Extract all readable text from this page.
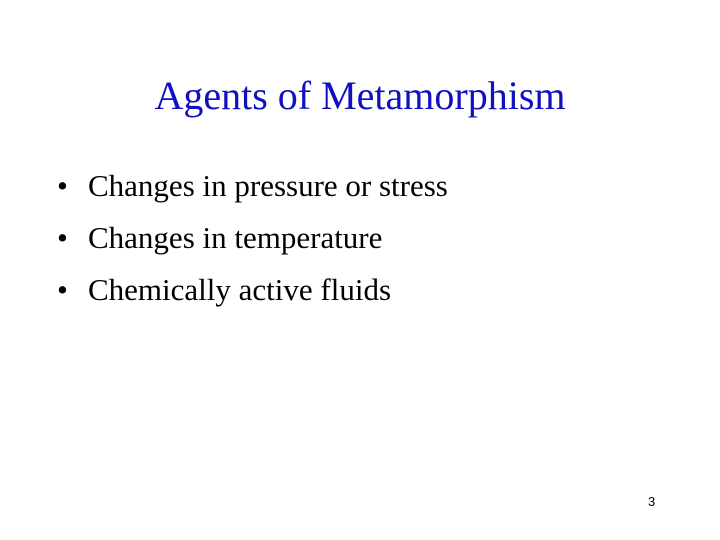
Agents of Metamorphism
• Changes in pressure or stress
• Changes in temperature
• Chemically active fluids
3
